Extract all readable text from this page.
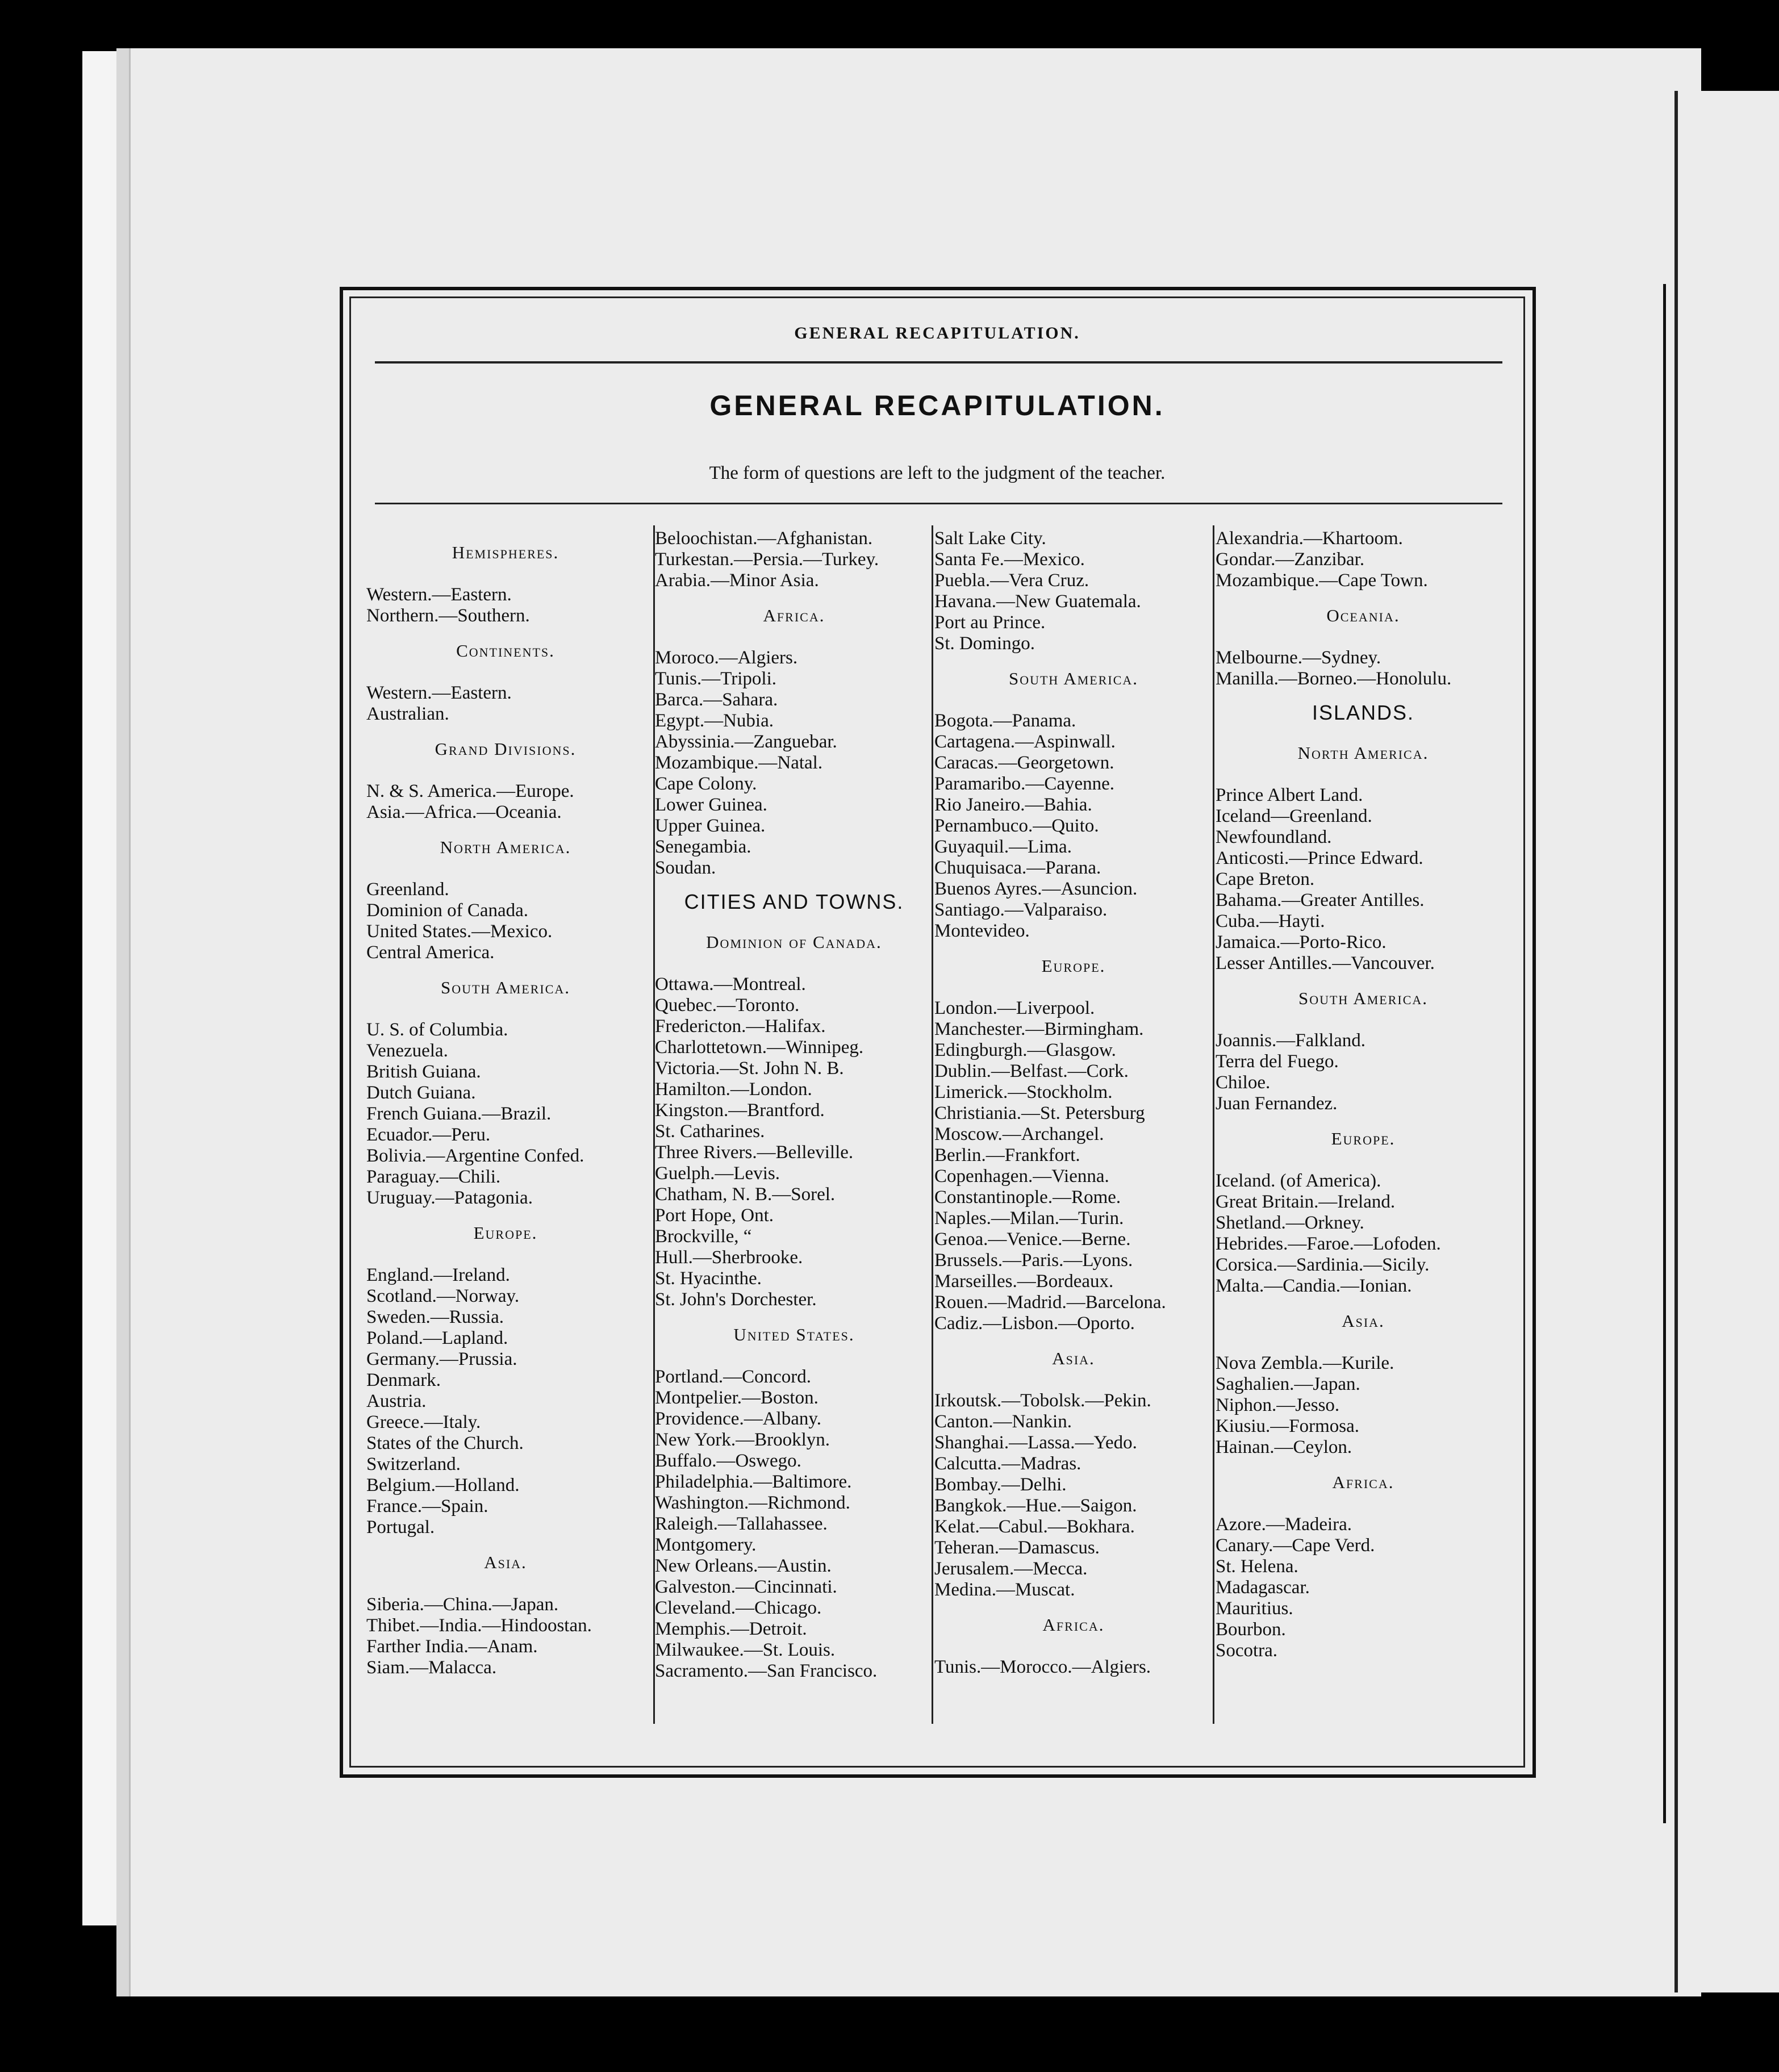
GENERAL RECAPITULATION.
GENERAL RECAPITULATION.
The form of questions are left to the judgment of the teacher.
Hemispheres.
Western.—Eastern.
Northern.—Southern.
Continents.
Western.—Eastern.
Australian.
Grand Divisions.
N. & S. America.—Europe.
Asia.—Africa.—Oceania.
North America.
Greenland.
Dominion of Canada.
United States.—Mexico.
Central America.
South America.
U. S. of Columbia.
Venezuela.
British Guiana.
Dutch Guiana.
French Guiana.—Brazil.
Ecuador.—Peru.
Bolivia.—Argentine Confed.
Paraguay.—Chili.
Uruguay.—Patagonia.
Europe.
England.—Ireland.
Scotland.—Norway.
Sweden.—Russia.
Poland.—Lapland.
Germany.—Prussia.
Denmark.
Austria.
Greece.—Italy.
States of the Church.
Switzerland.
Belgium.—Holland.
France.—Spain.
Portugal.
Asia.
Siberia.—China.—Japan.
Thibet.—India.—Hindoostan.
Farther India.—Anam.
Siam.—Malacca.
Beloochistan.—Afghanistan.
Turkestan.—Persia.—Turkey.
Arabia.—Minor Asia.
Africa.
Moroco.—Algiers.
Tunis.—Tripoli.
Barca.—Sahara.
Egypt.—Nubia.
Abyssinia.—Zanguebar.
Mozambique.—Natal.
Cape Colony.
Lower Guinea.
Upper Guinea.
Senegambia.
Soudan.
CITIES AND TOWNS.
Dominion of Canada.
Ottawa.—Montreal.
Quebec.—Toronto.
Fredericton.—Halifax.
Charlottetown.—Winnipeg.
Victoria.—St. John N. B.
Hamilton.—London.
Kingston.—Brantford.
St. Catharines.
Three Rivers.—Belleville.
Guelph.—Levis.
Chatham, N. B.—Sorel.
Port Hope, Ont.
Brockville, “
Hull.—Sherbrooke.
St. Hyacinthe.
St. John's Dorchester.
United States.
Portland.—Concord.
Montpelier.—Boston.
Providence.—Albany.
New York.—Brooklyn.
Buffalo.—Oswego.
Philadelphia.—Baltimore.
Washington.—Richmond.
Raleigh.—Tallahassee.
Montgomery.
New Orleans.—Austin.
Galveston.—Cincinnati.
Cleveland.—Chicago.
Memphis.—Detroit.
Milwaukee.—St. Louis.
Sacramento.—San Francisco.
Salt Lake City.
Santa Fe.—Mexico.
Puebla.—Vera Cruz.
Havana.—New Guatemala.
Port au Prince.
St. Domingo.
South America.
Bogota.—Panama.
Cartagena.—Aspinwall.
Caracas.—Georgetown.
Paramaribo.—Cayenne.
Rio Janeiro.—Bahia.
Pernambuco.—Quito.
Guyaquil.—Lima.
Chuquisaca.—Parana.
Buenos Ayres.—Asuncion.
Santiago.—Valparaiso.
Montevideo.
Europe.
London.—Liverpool.
Manchester.—Birmingham.
Edingburgh.—Glasgow.
Dublin.—Belfast.—Cork.
Limerick.—Stockholm.
Christiania.—St. Petersburg
Moscow.—Archangel.
Berlin.—Frankfort.
Copenhagen.—Vienna.
Constantinople.—Rome.
Naples.—Milan.—Turin.
Genoa.—Venice.—Berne.
Brussels.—Paris.—Lyons.
Marseilles.—Bordeaux.
Rouen.—Madrid.—Barcelona.
Cadiz.—Lisbon.—Oporto.
Asia.
Irkoutsk.—Tobolsk.—Pekin.
Canton.—Nankin.
Shanghai.—Lassa.—Yedo.
Calcutta.—Madras.
Bombay.—Delhi.
Bangkok.—Hue.—Saigon.
Kelat.—Cabul.—Bokhara.
Teheran.—Damascus.
Jerusalem.—Mecca.
Medina.—Muscat.
Africa.
Tunis.—Morocco.—Algiers.
Alexandria.—Khartoom.
Gondar.—Zanzibar.
Mozambique.—Cape Town.
Oceania.
Melbourne.—Sydney.
Manilla.—Borneo.—Honolulu.
ISLANDS.
North America.
Prince Albert Land.
Iceland—Greenland.
Newfoundland.
Anticosti.—Prince Edward.
Cape Breton.
Bahama.—Greater Antilles.
Cuba.—Hayti.
Jamaica.—Porto-Rico.
Lesser Antilles.—Vancouver.
South America.
Joannis.—Falkland.
Terra del Fuego.
Chiloe.
Juan Fernandez.
Europe.
Iceland. (of America).
Great Britain.—Ireland.
Shetland.—Orkney.
Hebrides.—Faroe.—Lofoden.
Corsica.—Sardinia.—Sicily.
Malta.—Candia.—Ionian.
Asia.
Nova Zembla.—Kurile.
Saghalien.—Japan.
Niphon.—Jesso.
Kiusiu.—Formosa.
Hainan.—Ceylon.
Africa.
Azore.—Madeira.
Canary.—Cape Verd.
St. Helena.
Madagascar.
Mauritius.
Bourbon.
Socotra.
